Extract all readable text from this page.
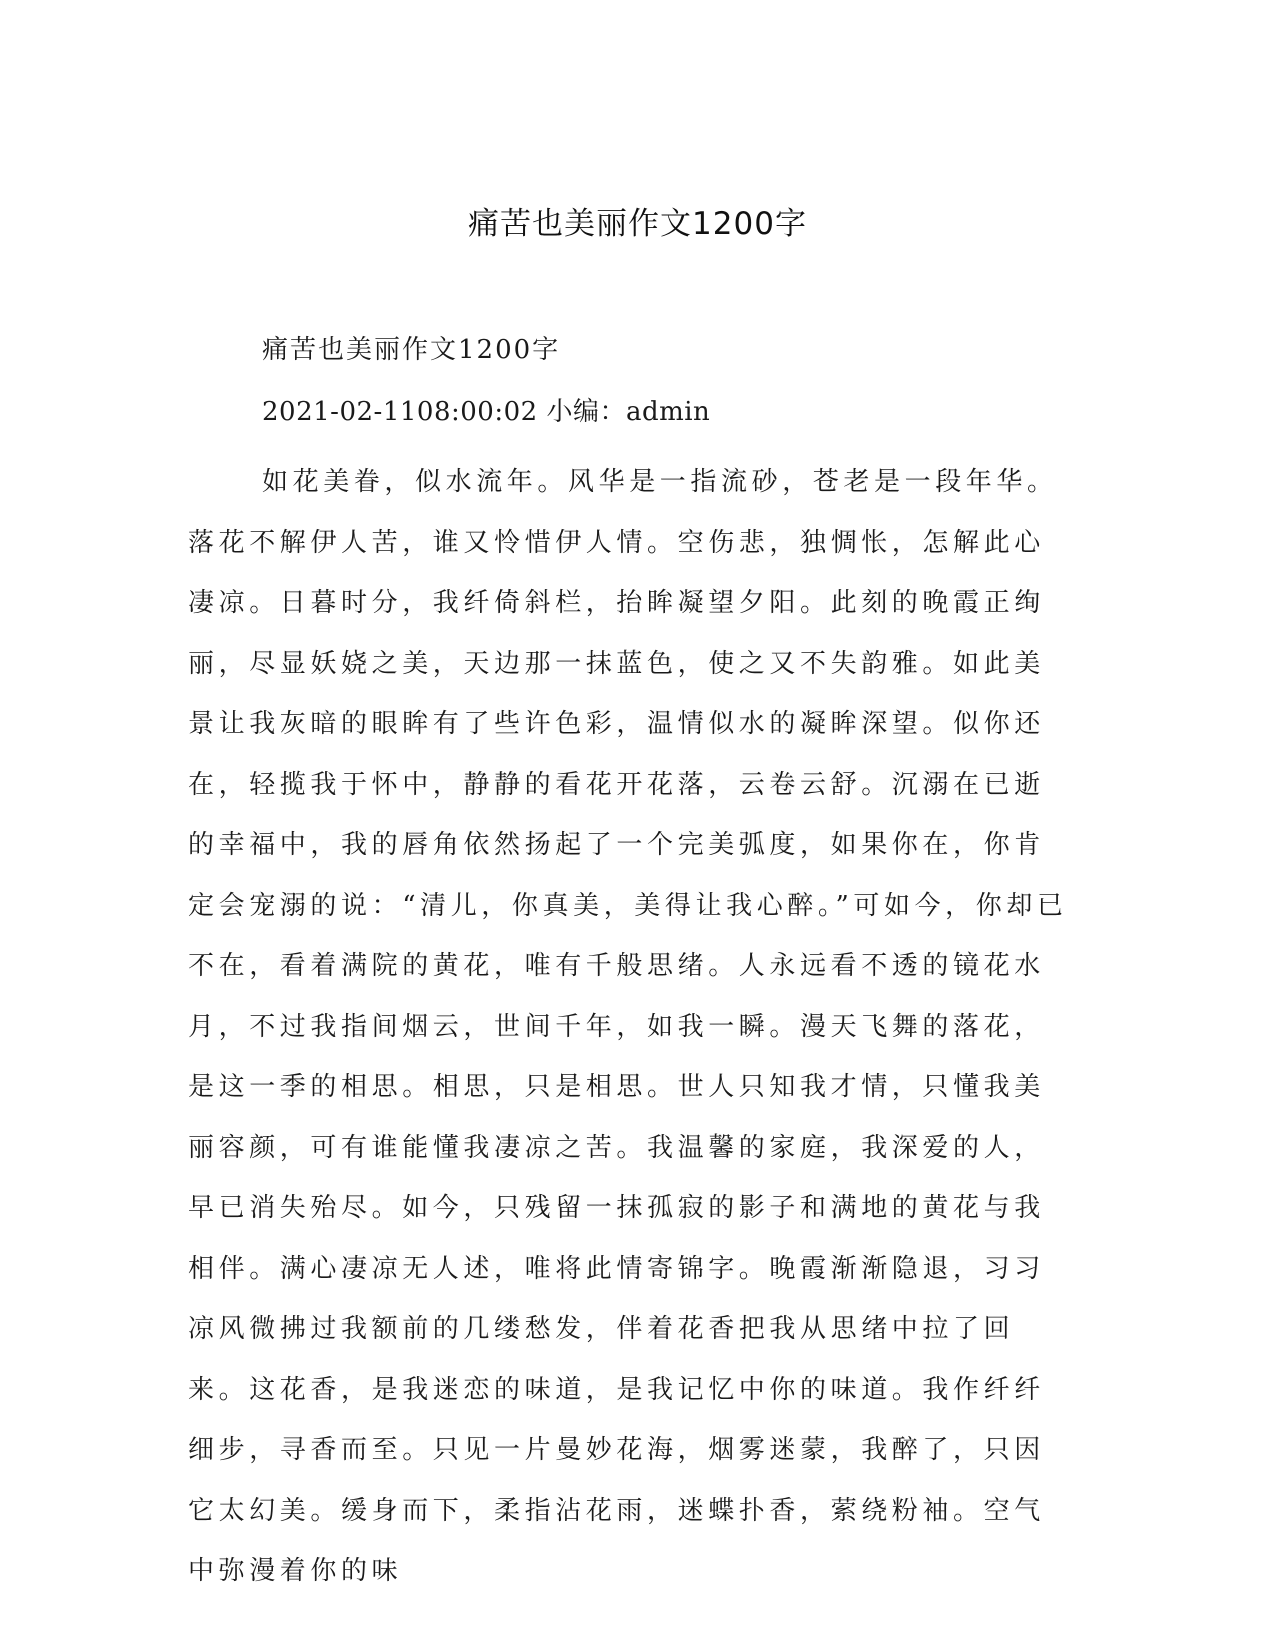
痛苦也美丽作文1200字
痛苦也美丽作文1200字
2021-02-1108:00:02 小编：admin
如花美眷，似水流年。风华是一指流砂，苍老是一段年华。落花不解伊人苦，谁又怜惜伊人情。空伤悲，独惆怅，怎解此心凄凉。日暮时分，我纤倚斜栏，抬眸凝望夕阳。此刻的晚霞正绚丽，尽显妖娆之美，天边那一抹蓝色，使之又不失韵雅。如此美景让我灰暗的眼眸有了些许色彩，温情似水的凝眸深望。似你还在，轻揽我于怀中，静静的看花开花落，云卷云舒。沉溺在已逝的幸福中，我的唇角依然扬起了一个完美弧度，如果你在，你肯定会宠溺的说：“清儿，你真美，美得让我心醉。”可如今，你却已不在，看着满院的黄花，唯有千般思绪。人永远看不透的镜花水月，不过我指间烟云，世间千年，如我一瞬。漫天飞舞的落花，是这一季的相思。相思，只是相思。世人只知我才情，只懂我美丽容颜，可有谁能懂我凄凉之苦。我温馨的家庭，我深爱的人，早已消失殆尽。如今，只残留一抹孤寂的影子和满地的黄花与我相伴。满心凄凉无人述，唯将此情寄锦字。晚霞渐渐隐退，习习凉风微拂过我额前的几缕愁发，伴着花香把我从思绪中拉了回来。这花香，是我迷恋的味道，是我记忆中你的味道。我作纤纤细步，寻香而至。只见一片曼妙花海，烟雾迷蒙，我醉了，只因它太幻美。缓身而下，柔指沾花雨，迷蝶扑香，萦绕粉袖。空气中弥漫着你的味
